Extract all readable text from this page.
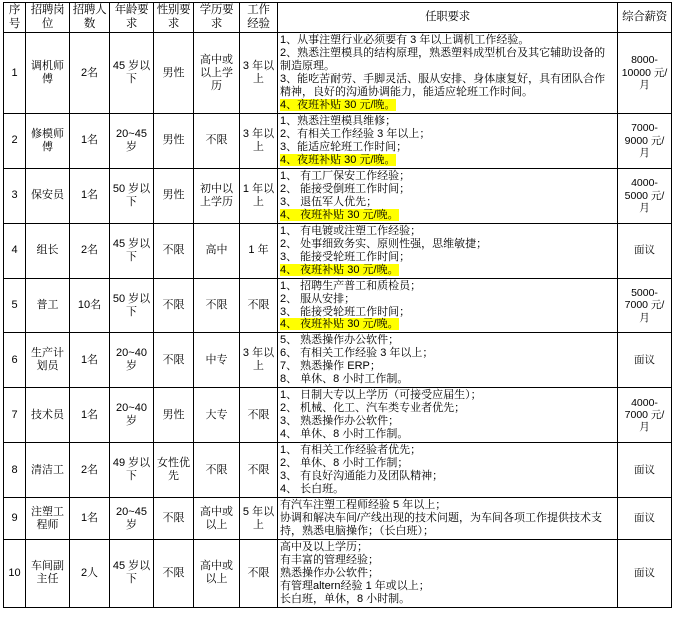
序号	招聘岗位	招聘人数	年龄要求	性别要求	学历要求	工作经验	任职要求	综合薪资
1	调机师傅	2名	45 岁以下	男性	高中或以上学历	3 年以上	1、从事注塑行业必须要有 3 年以上调机工作经验。
2、熟悉注塑模具的结构原理，熟悉塑料成型机台及其它辅助设备的制造原理。
3、能吃苦耐劳、手脚灵活、服从安排、身体康复好，具有团队合作精神，良好的沟通协调能力，能适应轮班工作时间。
4、夜班补贴 30 元/晚。	8000-10000 元/月
2	修模师傅	1名	20~45 岁	男性	不限	3 年以上	1、熟悉注塑模具维修；
2、有相关工作经验 3 年以上；
3、能适应轮班工作时间；
4、夜班补贴 30 元/晚。	7000-9000 元/月
3	保安员	1名	50 岁以下	男性	初中以上学历	1 年以上	1、 有工厂保安工作经验；
2、 能接受倒班工作时间；
3、 退伍军人优先；
4、 夜班补贴 30 元/晚。	4000-5000 元/月
4	组长	2名	45 岁以下	不限	高中	1 年	1、 有电镀或注塑工作经验；
2、 处事细致务实、原则性强，思维敏捷；
3、 能接受轮班工作时间；
4、 夜班补贴 30 元/晚。	面议
5	普工	10名	50 岁以下	不限	不限	不限	1、 招聘生产普工和质检员；
2、 服从安排；
3、 能接受轮班工作时间；
4、 夜班补贴 30 元/晚。	5000-7000 元/月
6	生产计划员	1名	20~40 岁	不限	中专	3 年以上	5、 熟悉操作办公软件；
6、 有相关工作经验 3 年以上；
7、 熟悉操作 ERP；
8、 单休、8 小时工作制。	面议
7	技术员	1名	20~40 岁	男性	大专	不限	1、 日制大专以上学历（可接受应届生）；
2、 机械、化工、汽车类专业者优先；
3、 熟悉操作办公软件；
4、 单休、8 小时工作制。	4000-7000 元/月
8	清洁工	2名	49 岁以下	女性优先	不限	不限	1、 有相关工作经验者优先；
2、 单休、8 小时工作制；
3、 有良好沟通能力及团队精神；
4、 长白班。	面议
9	注塑工程师	1名	20~45 岁	不限	高中或以上	5 年以上	有汽车注塑工程师经验 5 年以上；
协调和解决车间/产线出现的技术问题，为车间各项工作提供技术支持，熟悉电脑操作；（长白班）；	面议
10	车间副主任	2人	45 岁以下	不限	高中或以上	不限	高中及以上学历；
有丰富的管理经验；
熟悉操作办公软件；
有管理altern经验 1 年或以上；
长白班，单休，8 小时制。	面议
